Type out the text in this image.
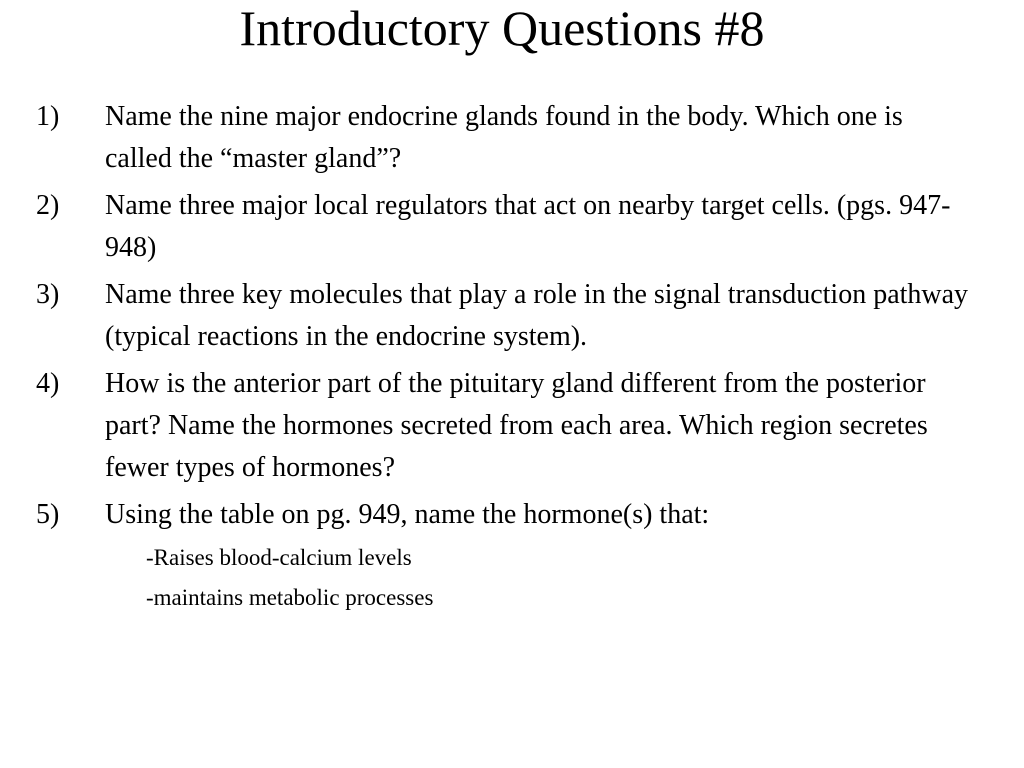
Introductory Questions #8
1) Name the nine major endocrine glands found in the body. Which one is called the “master gland”?
2) Name three major local regulators that act on nearby target cells. (pgs. 947-948)
3) Name three key molecules that play a role in the signal transduction pathway (typical reactions in the endocrine system).
4) How is the anterior part of the pituitary gland different from the posterior part? Name the hormones secreted from each area. Which region secretes fewer types of hormones?
5) Using the table on pg. 949, name the hormone(s) that:
-Raises blood-calcium levels
-maintains metabolic processes
